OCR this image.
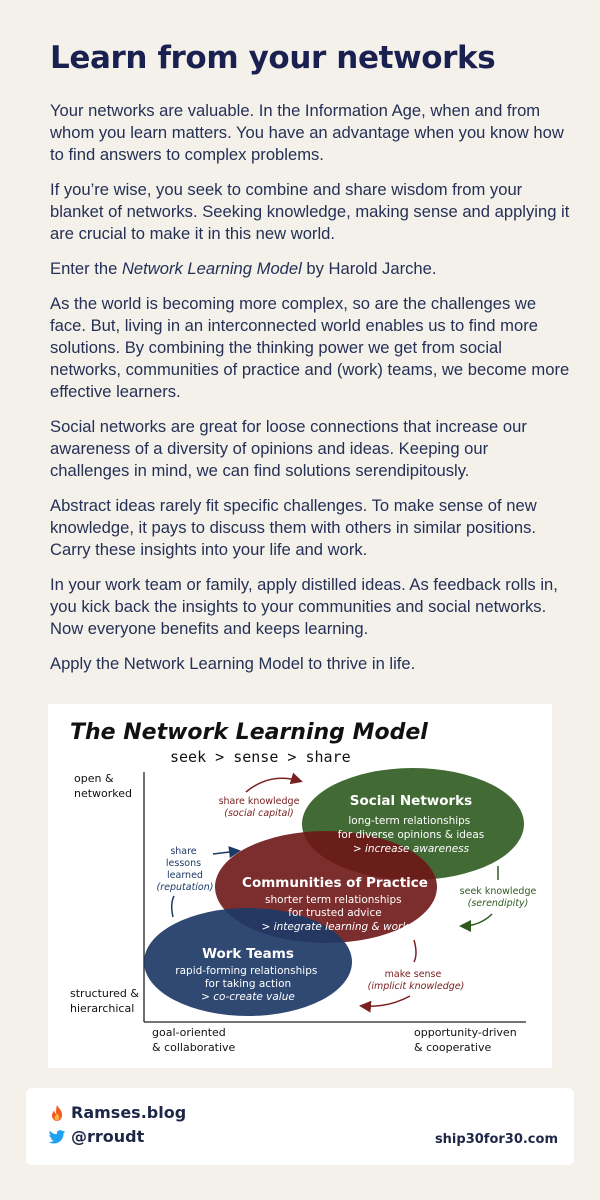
Learn from your networks

Your networks are valuable. In the Information Age, when and from whom you learn matters. You have an advantage when you know how to find answers to complex problems.

If you’re wise, you seek to combine and share wisdom from your blanket of networks. Seeking knowledge, making sense and applying it are crucial to make it in this new world.

Enter the Network Learning Model by Harold Jarche.

As the world is becoming more complex, so are the challenges we face. But, living in an interconnected world enables us to find more solutions. By combining the thinking power we get from social networks, communities of practice and (work) teams, we become more effective learners.

Social networks are great for loose connections that increase our awareness of a diversity of opinions and ideas. Keeping our challenges in mind, we can find solutions serendipitously.

Abstract ideas rarely fit specific challenges. To make sense of new knowledge, it pays to discuss them with others in similar positions. Carry these insights into your life and work.

In your work team or family, apply distilled ideas. As feedback rolls in, you kick back the insights to your communities and social networks. Now everyone benefits and keeps learning.

Apply the Network Learning Model to thrive in life.

The Network Learning Model
seek > sense > share
open & networked
structured & hierarchical
goal-oriented & collaborative
opportunity-driven & cooperative
Social Networks
long-term relationships for diverse opinions & ideas
> increase awareness
Communities of Practice
shorter term relationships for trusted advice
> integrate learning & work
Work Teams
rapid-forming relationships for taking action
> co-create value
share knowledge
(social capital)
share lessons learned
(reputation)	seek knowledge
(serendipity)
make sense
(implicit knowledge)
Ramses.blog
@rroudt	ship30for30.com
